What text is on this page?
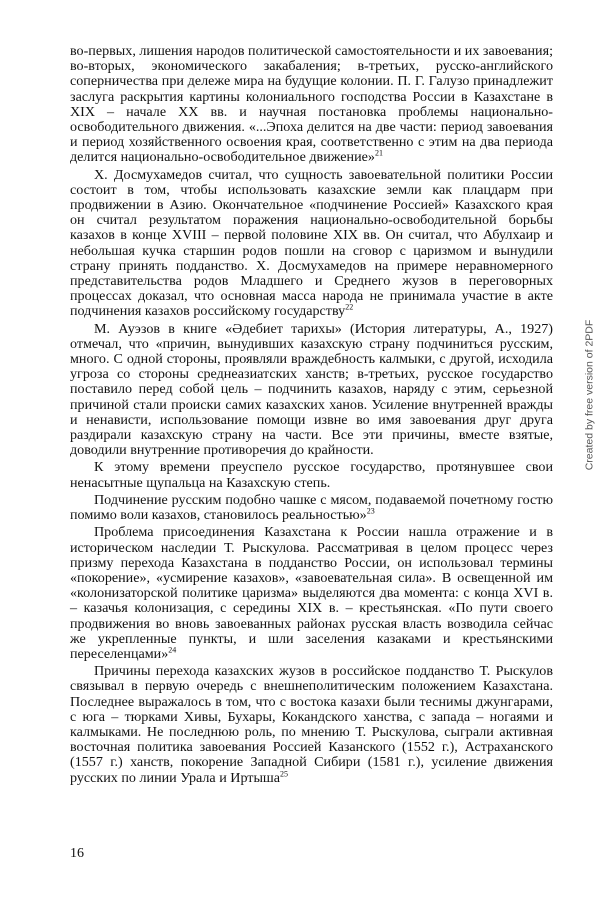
во-первых, лишения народов политической самостоятельности и их завоевания; во-вторых, экономического закабаления; в-третьих, русско-английского соперничества при дележе мира на будущие колонии. П. Г. Галузо принадлежит заслуга раскрытия картины колониального господства России в Казахстане в XIX – начале XX вв. и научная постановка проблемы национально-освободительного движения. «...Эпоха делится на две части: период завоевания и период хозяйственного освоения края, соответственно с этим на два периода делится национально-освободительное движение»$^{21}$

Х. Досмухамедов считал, что сущность завоевательной политики России состоит в том, чтобы использовать казахские земли как плацдарм при продвижении в Азию. Окончательное «подчинение Россией» Казахского края он считал результатом поражения национально-освободительной борьбы казахов в конце XVIII – первой половине XIX вв. Он считал, что Абулхаир и небольшая кучка старшин родов пошли на сговор с царизмом и вынудили страну принять подданство. Х. Досмухамедов на примере неравномерного представительства родов Младшего и Среднего жузов в переговорных процессах доказал, что основная масса народа не принимала участие в акте подчинения казахов российскому государству$^{22}$

М. Ауэзов в книге «Әдебиет тарихы» (История литературы, А., 1927) отмечал, что «причин, вынудивших казахскую страну подчиниться русским, много. С одной стороны, проявляли враждебность калмыки, с другой, исходила угроза со стороны среднеазиатских ханств; в-третьих, русское государство поставило перед собой цель – подчинить казахов, наряду с этим, серьезной причиной стали происки самих казахских ханов. Усиление внутренней вражды и ненависти, использование помощи извне во имя завоевания друг друга раздирали казахскую страну на части. Все эти причины, вместе взятые, доводили внутренние противоречия до крайности.

К этому времени преуспело русское государство, протянувшее свои ненасытные щупальца на Казахскую степь.

Подчинение русским подобно чашке с мясом, подаваемой почетному гостю помимо воли казахов, становилось реальностью»$^{23}$

Проблема присоединения Казахстана к России нашла отражение и в историческом наследии Т. Рыскулова. Рассматривая в целом процесс через призму перехода Казахстана в подданство России, он использовал термины «покорение», «усмирение казахов», «завоевательная сила». В освещенной им «колонизаторской политике царизма» выделяются два момента: с конца XVI в. – казачья колонизация, с середины XIX в. – крестьянская. «По пути своего продвижения во вновь завоеванных районах русская власть возводила сейчас же укрепленные пункты, и шли заселения казаками и крестьянскими переселенцами»$^{24}$

Причины перехода казахских жузов в российское подданство Т. Рыскулов связывал в первую очередь с внешнеполитическим положением Казахстана. Последнее выражалось в том, что с востока казахи были теснимы джунгарами, с юга – тюрками Хивы, Бухары, Кокандского ханства, с запада – ногаями и калмыками. Не последнюю роль, по мнению Т. Рыскулова, сыграли активная восточная политика завоевания Россией Казанского (1552 г.), Астраханского (1557 г.) ханств, покорение Западной Сибири (1581 г.), усиление движения русских по линии Урала и Иртыша$^{25}$

Created by free version of 2PDF
16
